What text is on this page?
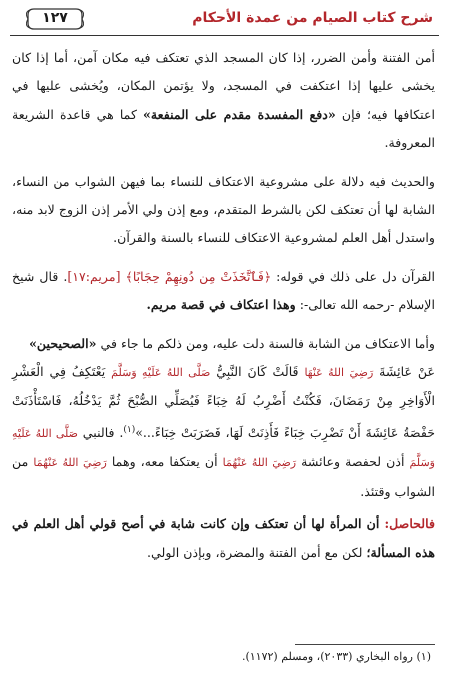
شرح كتاب الصيام من عمدة الأحكام
١٢٧

أمن الفتنة وأمن الضرر، إذا كان المسجد الذي تعتكف فيه مكان آمن، أما إذا كان يخشى عليها إذا اعتكفت في المسجد، ولا يؤتمن المكان، ويُخشى عليها في اعتكافها فيه؛ فإن «دفع المفسدة مقدم على المنفعة» كما هي قاعدة الشريعة المعروفة.

والحديث فيه دلالة على مشروعية الاعتكاف للنساء بما فيهن الشواب من النساء، الشابة لها أن تعتكف لكن بالشرط المتقدم، ومع إذن ولي الأمر إذن الزوج لابد منه، واستدل أهل العلم لمشروعية الاعتكاف للنساء بالسنة والقرآن.

القرآن دل على ذلك في قوله: ﴿فَٱتَّخَذَتْ مِن دُونِهِمْ حِجَابًا﴾ [مريم:١٧]. قال شيخ الإسلام -رحمه الله تعالى-: وهذا اعتكاف في قصة مريم.

وأما الاعتكاف من الشابة فالسنة دلت عليه، ومن ذلكم ما جاء في «الصحيحين»
عَنْ عَائِشَةَ رَضِيَ اللهُ عَنْهَا قَالَتْ كَانَ النَّبِيُّ صَلَّى اللهُ عَلَيْهِ وَسَلَّمَ يَعْتَكِفُ فِي الْعَشْرِ الْأَوَاخِرِ مِنْ رَمَضَانَ، فَكُنْتُ أَضْرِبُ لَهُ خِبَاءً فَيُصَلِّي الصُّبْحَ ثُمَّ يَدْخُلُهُ، فَاسْتَأْذَنَتْ حَفْصَةُ عَائِشَةَ أَنْ تَضْرِبَ خِبَاءً فَأَذِنَتْ لَهَا، فَضَرَبَتْ خِبَاءً...»$^{(١)}$. فالنبي صَلَّى اللهُ عَلَيْهِ وَسَلَّمَ أذن لحفصة وعائشة رَضِيَ اللهُ عَنْهُمَا أن يعتكفا معه، وهما رَضِيَ اللهُ عَنْهُمَا من الشواب وقتئذ.

فالحاصل: أن المرأة لها أن تعتكف وإن كانت شابة في أصح قولي أهل العلم في هذه المسألة؛ لكن مع أمن الفتنة والمضرة، وبإذن الولي.

(١) رواه البخاري (٢٠٣٣)، ومسلم (١١٧٢).
